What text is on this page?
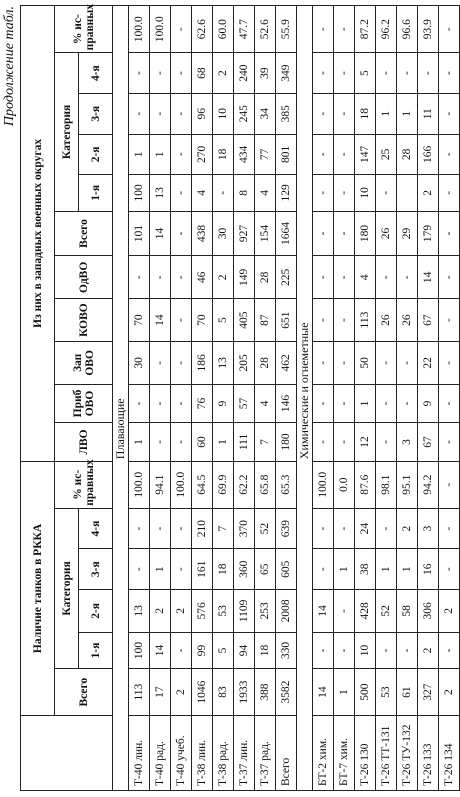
Продолжение табл.
	Наличие танков в РККА						Из них в западных военных округах										
	Всего	Категория				% ис-правных	ЛВО	Приб ОВО	Зап ОВО	КОВО	ОдВО	Всего	Категория				% ис-правных
		1-я	2-я	3-я	4-я								1-я	2-я	3-я	4-я	
							Плавающие										
Т-40 лин.	113	100	13	-	-	100.0	1	-	30	70	-	101	100	1	-	-	100.0
Т-40 рад.	17	14	2	1	-	94.1	-	-	-	14	-	14	13	1	-	-	100.0
Т-40 учеб.	2	-	2	-	-	100.0	-	-	-	-	-	-	-	-	-	-	-
Т-38 лин.	1046	99	576	161	210	64.5	60	76	186	70	46	438	4	270	96	68	62.6
Т-38 рад.	83	5	53	18	7	69.9	1	9	13	5	2	30	-	18	10	2	60.0
Т-37 лин.	1933	94	1109	360	370	62.2	111	57	205	405	149	927	8	434	245	240	47.7
Т-37 рад.	388	18	253	65	52	65.8	7	4	28	87	28	154	4	77	34	39	52.6
Всего	3582	330	2008	605	639	65.3	180	146	462	651	225	1664	129	801	385	349	55.9
							Химические и огнеметные										
БТ-2 хим.	14	-	14	-	-	100.0	-	-	-	-	-	-	-	-	-	-	-
БТ-7 хим.	1	-	-	1	-	0.0	-	-	-	-	-	-	-	-	-	-	-
Т-26 130	500	10	428	38	24	87.6	12	1	50	113	4	180	10	147	18	5	87.2
Т-26 ТТ-131	53	-	52	1	-	98.1	-	-	-	26	-	26	-	25	1	-	96.2
Т-26 ТУ-132	61	-	58	1	2	95.1	3	-	-	26	-	29		28	1	-	96.6
Т-26 133	327	2	306	16	3	94.2	67	9	22	67	14	179	2	166	11	-	93.9
Т-26 134	2	-	2	-	-	-	-	-	-	-	-	-	-	-	-	-	-
